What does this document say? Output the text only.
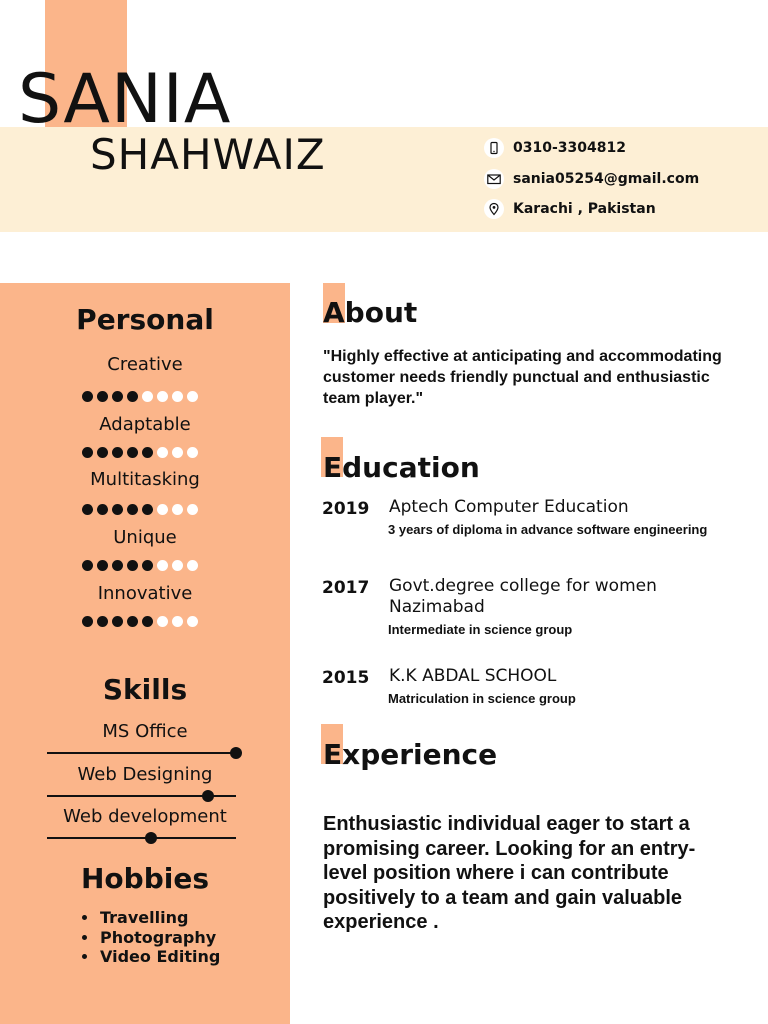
SANIA
SHAHWAIZ	0310-3304812
sania05254@gmail.com
Karachi , Pakistan
Personal
Creative
Adaptable
Multitasking
Unique
Innovative
Skills
MS Office
Web Designing
Web development
Hobbies
Travelling
Photography
Video Editing
About
"Highly effective at anticipating and accommodating customer needs friendly punctual and enthusiastic team player."
Education
2019 Aptech Computer Education
3 years of diploma in advance software engineering
2017 Govt.degree college for women Nazimabad
Intermediate in science group
2015 K.K ABDAL SCHOOL
Matriculation in science group
Experience
Enthusiastic individual eager to start a promising career. Looking for an entry-level position where i can contribute positively to a team and gain valuable experience .
